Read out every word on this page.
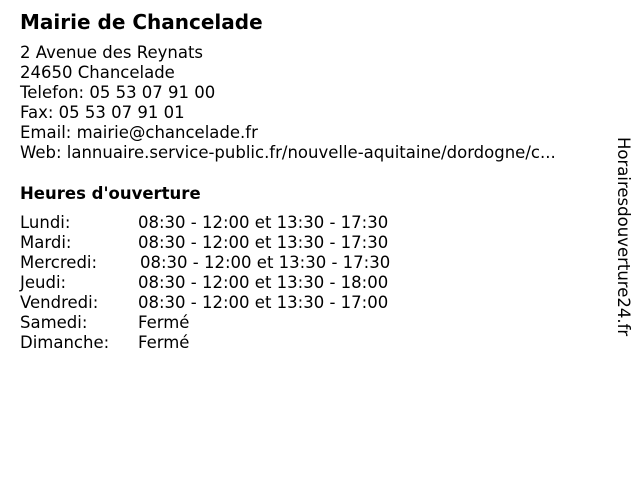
Mairie de Chancelade
2 Avenue des Reynats
24650 Chancelade
Telefon: 05 53 07 91 00
Fax: 05 53 07 91 01
Email: mairie@chancelade.fr
Web: lannuaire.service-public.fr/nouvelle-aquitaine/dordogne/c...
Heures d'ouverture
Lundi:	08:30 - 12:00 et 13:30 - 17:30
Mardi:	08:30 - 12:00 et 13:30 - 17:30
Mercredi:	08:30 - 12:00 et 13:30 - 17:30
Jeudi:	08:30 - 12:00 et 13:30 - 18:00
Vendredi: 08:30 - 12:00 et 13:30 - 17:00
Samedi:	Fermé
Dimanche: Fermé
Horairesdouverture24.fr
